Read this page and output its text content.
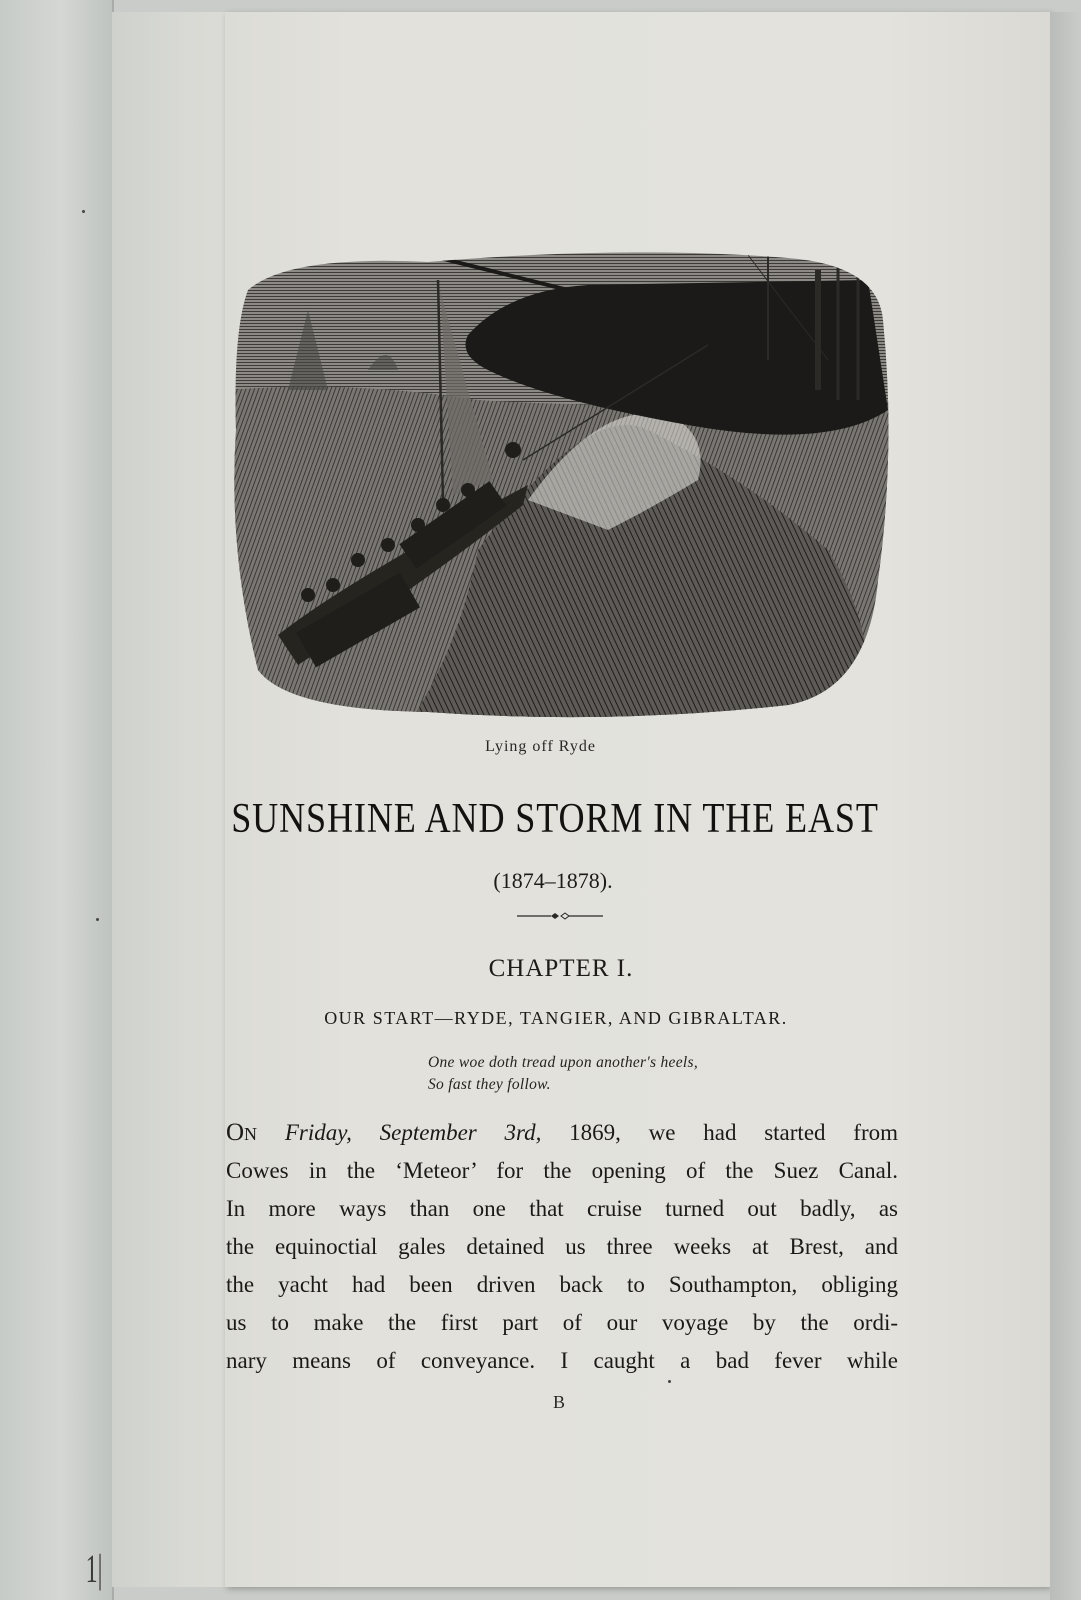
1|
Lying off Ryde
SUNSHINE AND STORM IN THE EAST
(1874–1878).
CHAPTER I.
OUR START—RYDE, TANGIER, AND GIBRALTAR.
One woe doth tread upon another's heels,
So fast they follow.
On Friday, September 3rd, 1869, we had started from
Cowes in the ‘Meteor’ for the opening of the Suez Canal.
In more ways than one that cruise turned out badly, as
the equinoctial gales detained us three weeks at Brest, and
the yacht had been driven back to Southampton, obliging
us to make the first part of our voyage by the ordi-
nary means of conveyance. I caught a bad fever while
B
